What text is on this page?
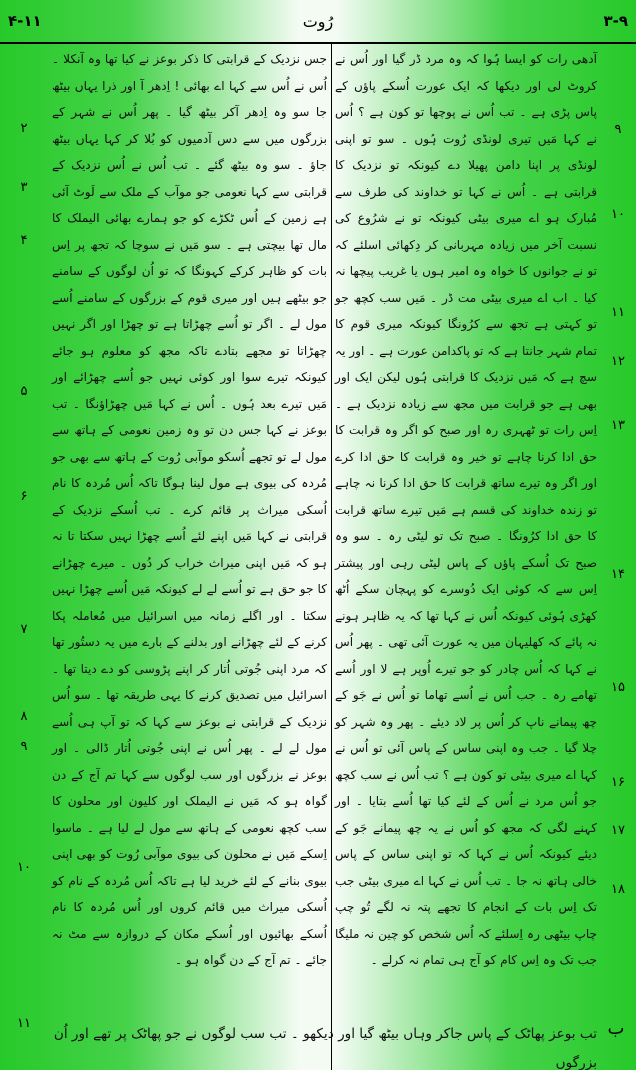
۴-۱۱	رُوت	۳-۹

آدھی رات کو ایسا ہُوا کہ وہ مرد ڈر گیا اور اُس نے کروٹ لی اور دیکھا کہ ایک عورت اُسکے پاؤں کے پاس پڑی ہے ۔ تب اُس نے پوچھا تو کون ہے ؟ اُس نے کہا مَیں تیری لونڈی رُوت ہُوں ۔ سو تو اپنی لونڈی پر اپنا دامن پھیلا دے کیونکہ تو نزدیک کا قرابتی ہے ۔ اُس نے کہا تو خداوند کی طرف سے مُبارک ہو اے میری بیٹی کیونکہ تو نے شرُوع کی نسبت آخر میں زیادہ مہربانی کر دِکھائی اسلئے کہ تو نے جوانوں کا خواہ وہ امیر ہوں یا غریب پیچھا نہ کیا ۔ اب اے میری بیٹی مت ڈر ۔ مَیں سب کچھ جو تو کہتی ہے تجھ سے کرُونگا کیونکہ میری قوم کا تمام شہر جانتا ہے کہ تو پاکدامن عورت ہے ۔ اور یہ سچ ہے کہ مَیں نزدیک کا قرابتی ہُوں لیکن ایک اور بھی ہے جو قرابت میں مجھ سے زیادہ نزدیک ہے ۔ اِس رات تو ٹھہری رہ اور صبح کو اگر وہ قرابت کا حق ادا کرنا چاہے تو خیر وہ قرابت کا حق ادا کرے اور اگر وہ تیرے ساتھ قرابت کا حق ادا کرنا نہ چاہے تو زندہ خداوند کی قسم ہے مَیں تیرے ساتھ قرابت کا حق ادا کرُونگا ۔ صبح تک تو لیٹی رہ ۔ سو وہ صبح تک اُسکے پاؤں کے پاس لیٹی رہی اور پیشتر اِس سے کہ کوئی ایک دُوسرے کو پہچان سکے اُٹھ کھڑی ہُوئی کیونکہ اُس نے کہا تھا کہ یہ ظاہر ہونے نہ پائے کہ کھلیہان میں یہ عورت آئی تھی ۔ پھر اُس نے کہا کہ اُس چادر کو جو تیرے اُوپر ہے لا اور اُسے تھامے رہ ۔ جب اُس نے اُسے تھاما تو اُس نے جَو کے چھ پیمانے ناپ کر اُس پر لاد دیئے ۔ پھر وہ شہر کو چلا گیا ۔ جب وہ اپنی ساس کے پاس آئی تو اُس نے کہا اے میری بیٹی تو کون ہے ؟ تب اُس نے سب کچھ جو اُس مرد نے اُس کے لئے کیا تھا اُسے بتایا ۔ اور کہنے لگی کہ مجھ کو اُس نے یہ چھ پیمانے جَو کے دیئے کیونکہ اُس نے کہا کہ تو اپنی ساس کے پاس خالی ہاتھ نہ جا ۔ تب اُس نے کہا اے میری بیٹی جب تک اِس بات کے انجام کا تجھے پتہ نہ لگے تُو چپ چاپ بیٹھی رہ اِسلئے کہ اُس شخص کو چین نہ ملیگا جب تک وہ اِس کام کو آج ہی تمام نہ کرلے ۔

جس نزدیک کے قرابتی کا ذکر بوعز نے کیا تھا وہ آنکلا ۔ اُس نے اُس سے کہا اے بھائی ! اِدھر آ اور ذرا یہاں بیٹھ جا سو وہ اِدھر آکر بیٹھ گیا ۔ پھر اُس نے شہر کے بزرگوں میں سے دس آدمیوں کو بُلا کر کہا یہاں بیٹھ جاؤ ۔ سو وہ بیٹھ گئے ۔ تب اُس نے اُس نزدیک کے قرابتی سے کہا نعومی جو موآب کے ملک سے لَوٹ آئی ہے زمین کے اُس ٹکڑے کو جو ہمارے بھائی الیملک کا مال تھا بیچتی ہے ۔ سو مَیں نے سوچا کہ تجھ پر اِس بات کو ظاہر کرکے کہونگا کہ تو اُن لوگوں کے سامنے جو بیٹھے ہیں اور میری قوم کے بزرگوں کے سامنے اُسے مول لے ۔ اگر تو اُسے چھڑاتا ہے تو چھڑا اور اگر نہیں چھڑاتا تو مجھے بتادے تاکہ مجھ کو معلوم ہو جائے کیونکہ تیرے سوا اور کوئی نہیں جو اُسے چھڑائے اور مَیں تیرے بعد ہُوں ۔ اُس نے کہا مَیں چھڑاؤنگا ۔ تب بوعز نے کہا جس دن تو وہ زمین نعومی کے ہاتھ سے مول لے تو تجھے اُسکو موآبی رُوت کے ہاتھ سے بھی جو مُردہ کی بیوی ہے مول لینا ہوگا تاکہ اُس مُردہ کا نام اُسکی میراث پر قائم کرے ۔ تب اُسکے نزدیک کے قرابتی نے کہا مَیں اپنے لئے اُسے چھڑا نہیں سکتا تا نہ ہو کہ مَیں اپنی میراث خراب کر دُوں ۔ میرے چھڑانے کا جو حق ہے تو اُسے لے لے کیونکہ مَیں اُسے چھڑا نہیں سکتا ۔ اور اگلے زمانہ میں اسرائیل میں مُعاملہ پکا کرنے کے لئے چھڑانے اور بدلنے کے بارے میں یہ دستُور تھا کہ مرد اپنی جُوتی اُتار کر اپنے پڑوسی کو دے دیتا تھا ۔ اسرائیل میں تصدیق کرنے کا یہی طریقہ تھا ۔ سو اُس نزدیک کے قرابتی نے بوعز سے کہا کہ تو آپ ہی اُسے مول لے لے ۔ پھر اُس نے اپنی جُوتی اُتار ڈالی ۔ اور بوعز نے بزرگوں اور سب لوگوں سے کہا تم آج کے دن گواہ ہو کہ مَیں نے الیملک اور کلیون اور محلون کا سب کچھ نعومی کے ہاتھ سے مول لے لیا ہے ۔ ماسوا اِسکے مَیں نے محلون کی بیوی موآبی رُوت کو بھی اپنی بیوی بنانے کے لئے خرید لیا ہے تاکہ اُس مُردہ کے نام کو اُسکی میراث میں قائم کروں اور اُس مُردہ کا نام اُسکے بھائیوں اور اُسکے مکان کے دروازہ سے مٹ نہ جائے ۔ تم آج کے دن گواہ ہو ۔

۹
۱۰
۱۱
۱۲
۱۳
۱۴
۱۵
۱۶
۱۷
۱۸
۲
۳
۴
۵
۶
۷
۸
۹
۱۰
۱۱	ب
تب بوعز پھاٹک کے پاس جاکر وہاں بیٹھ گیا اور دیکھو ۔ تب سب لوگوں نے جو پھاٹک پر تھے اور اُن بزرگوں
